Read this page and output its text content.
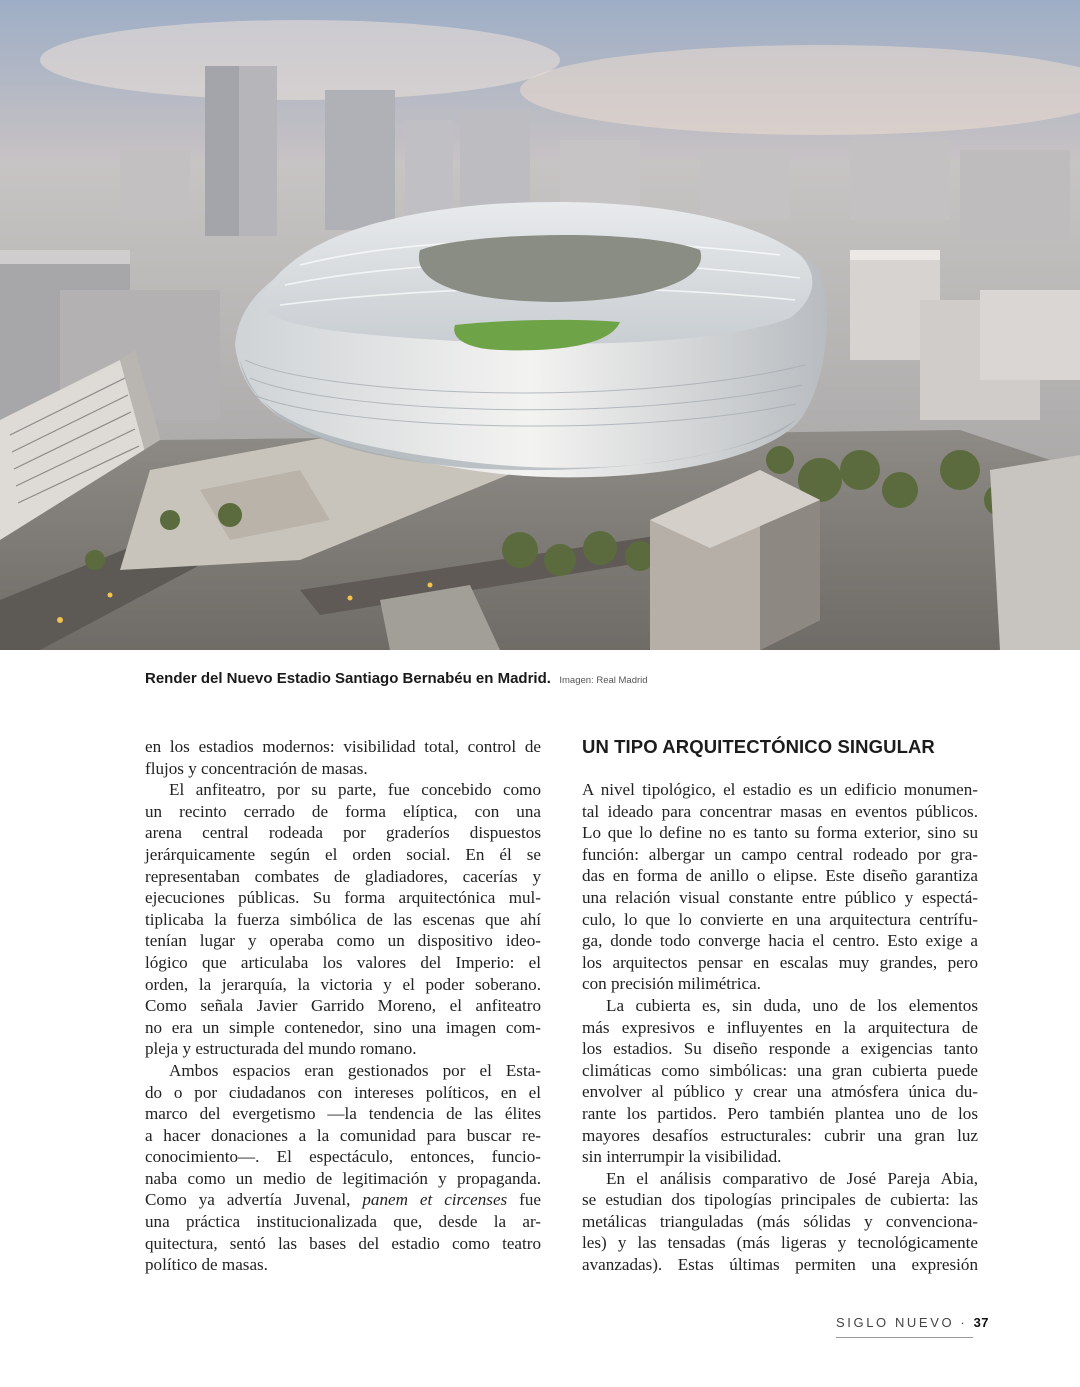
Render del Nuevo Estadio Santiago Bernabéu en Madrid. Imagen: Real Madrid

en los estadios modernos: visibilidad total, control de
flujos y concentración de masas.

El anfiteatro, por su parte, fue concebido como
un recinto cerrado de forma elíptica, con una
arena central rodeada por graderíos dispuestos
jerárquicamente según el orden social. En él se
representaban combates de gladiadores, cacerías y
ejecuciones públicas. Su forma arquitectónica mul-
tiplicaba la fuerza simbólica de las escenas que ahí
tenían lugar y operaba como un dispositivo ideo-
lógico que articulaba los valores del Imperio: el
orden, la jerarquía, la victoria y el poder soberano.
Como señala Javier Garrido Moreno, el anfiteatro
no era un simple contenedor, sino una imagen com-
pleja y estructurada del mundo romano.

Ambos espacios eran gestionados por el Esta-
do o por ciudadanos con intereses políticos, en el
marco del evergetismo —la tendencia de las élites
a hacer donaciones a la comunidad para buscar re-
conocimiento—. El espectáculo, entonces, funcio-
naba como un medio de legitimación y propaganda.
Como ya advertía Juvenal, panem et circenses fue
una práctica institucionalizada que, desde la ar-
quitectura, sentó las bases del estadio como teatro
político de masas.

UN TIPO ARQUITECTÓNICO SINGULAR

A nivel tipológico, el estadio es un edificio monumen-
tal ideado para concentrar masas en eventos públicos.
Lo que lo define no es tanto su forma exterior, sino su
función: albergar un campo central rodeado por gra-
das en forma de anillo o elipse. Este diseño garantiza
una relación visual constante entre público y espectá-
culo, lo que lo convierte en una arquitectura centrífu-
ga, donde todo converge hacia el centro. Esto exige a
los arquitectos pensar en escalas muy grandes, pero
con precisión milimétrica.

La cubierta es, sin duda, uno de los elementos
más expresivos e influyentes en la arquitectura de
los estadios. Su diseño responde a exigencias tanto
climáticas como simbólicas: una gran cubierta puede
envolver al público y crear una atmósfera única du-
rante los partidos. Pero también plantea uno de los
mayores desafíos estructurales: cubrir una gran luz
sin interrumpir la visibilidad.

En el análisis comparativo de José Pareja Abia,
se estudian dos tipologías principales de cubierta: las
metálicas trianguladas (más sólidas y convenciona-
les) y las tensadas (más ligeras y tecnológicamente
avanzadas). Estas últimas permiten una expresión

SIGLO NUEVO · 37
